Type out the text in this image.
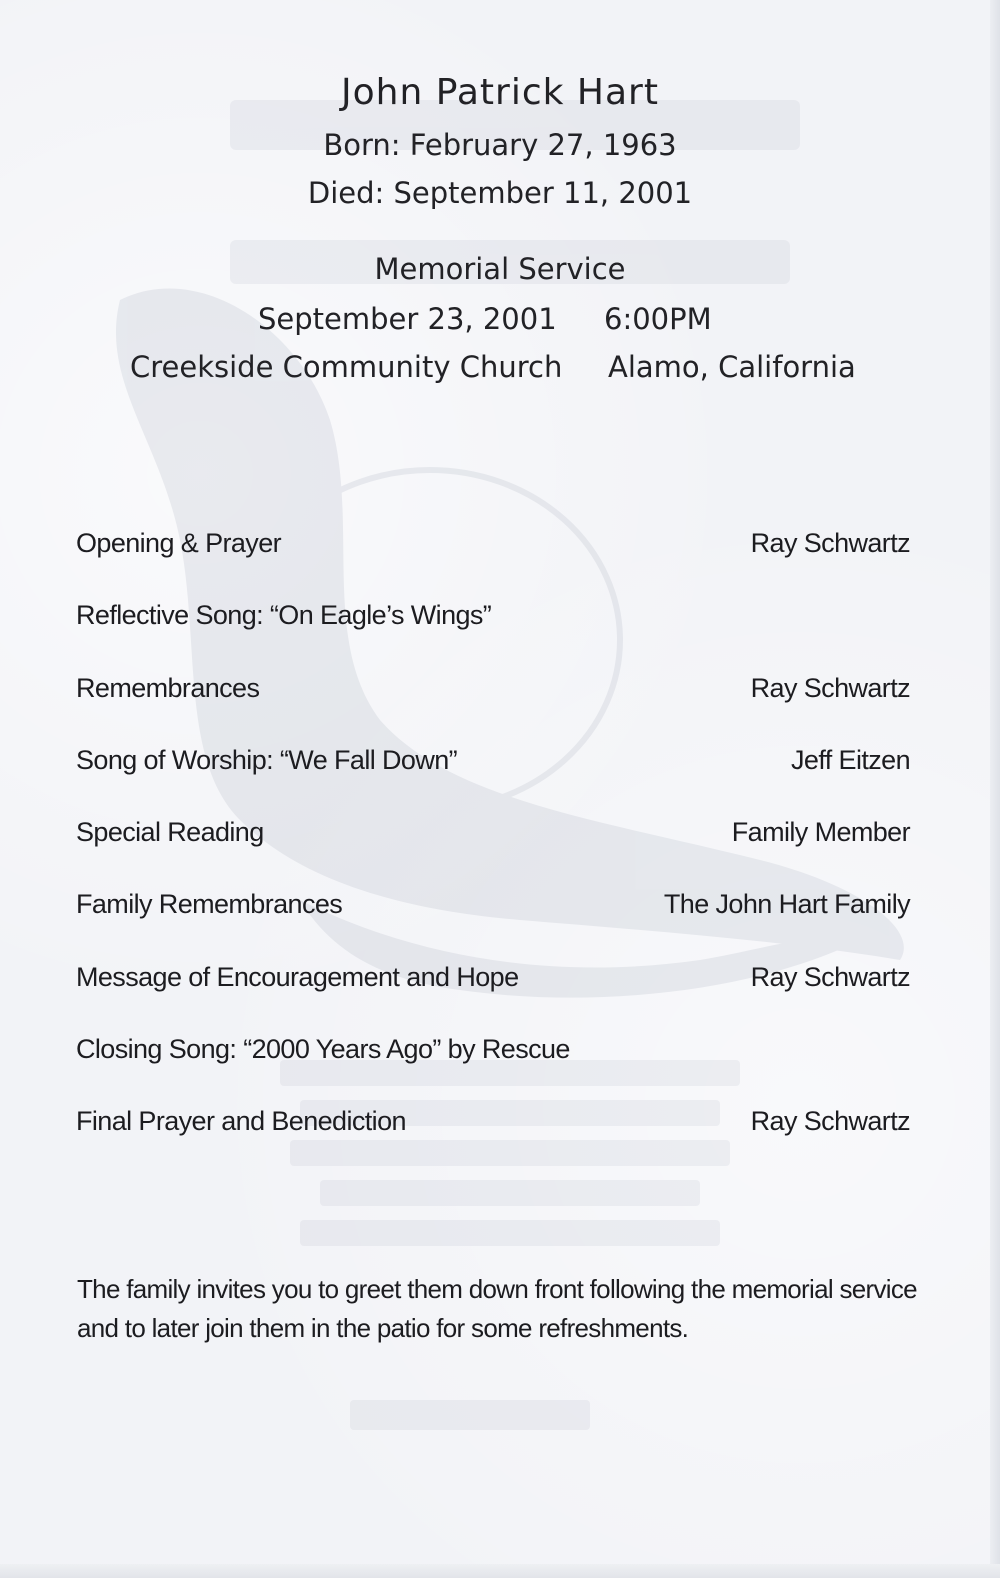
John Patrick Hart
Born: February 27, 1963
Died: September 11, 2001
Memorial Service
September 23, 2001 6:00PM
Creekside Community Church Alamo, California
Opening & Prayer	Ray Schwartz
Reflective Song: “On Eagle’s Wings”
Remembrances	Ray Schwartz
Song of Worship: “We Fall Down”	Jeff Eitzen
Special Reading	Family Member
Family Remembrances	The John Hart Family
Message of Encouragement and Hope	Ray Schwartz
Closing Song: “2000 Years Ago” by Rescue
Final Prayer and Benediction	Ray Schwartz
The family invites you to greet them down front following the memorial service and to later join them in the patio for some refreshments.
